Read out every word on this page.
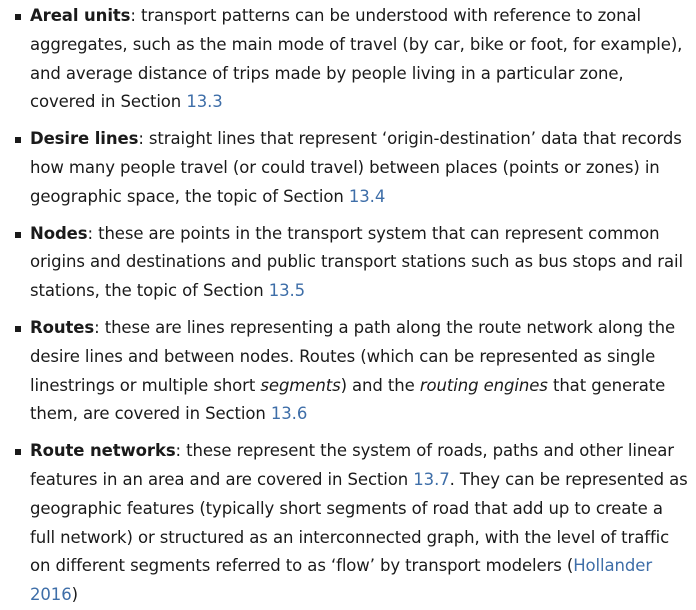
Areal units: transport patterns can be understood with reference to zonal aggregates, such as the main mode of travel (by car, bike or foot, for example), and average distance of trips made by people living in a particular zone, covered in Section 13.3
Desire lines: straight lines that represent ‘origin-destination’ data that records how many people travel (or could travel) between places (points or zones) in geographic space, the topic of Section 13.4
Nodes: these are points in the transport system that can represent common origins and destinations and public transport stations such as bus stops and rail stations, the topic of Section 13.5
Routes: these are lines representing a path along the route network along the desire lines and between nodes. Routes (which can be represented as single linestrings or multiple short segments) and the routing engines that generate them, are covered in Section 13.6
Route networks: these represent the system of roads, paths and other linear features in an area and are covered in Section 13.7. They can be represented as geographic features (typically short segments of road that add up to create a full network) or structured as an interconnected graph, with the level of traffic on different segments referred to as ‘flow’ by transport modelers (Hollander 2016)
